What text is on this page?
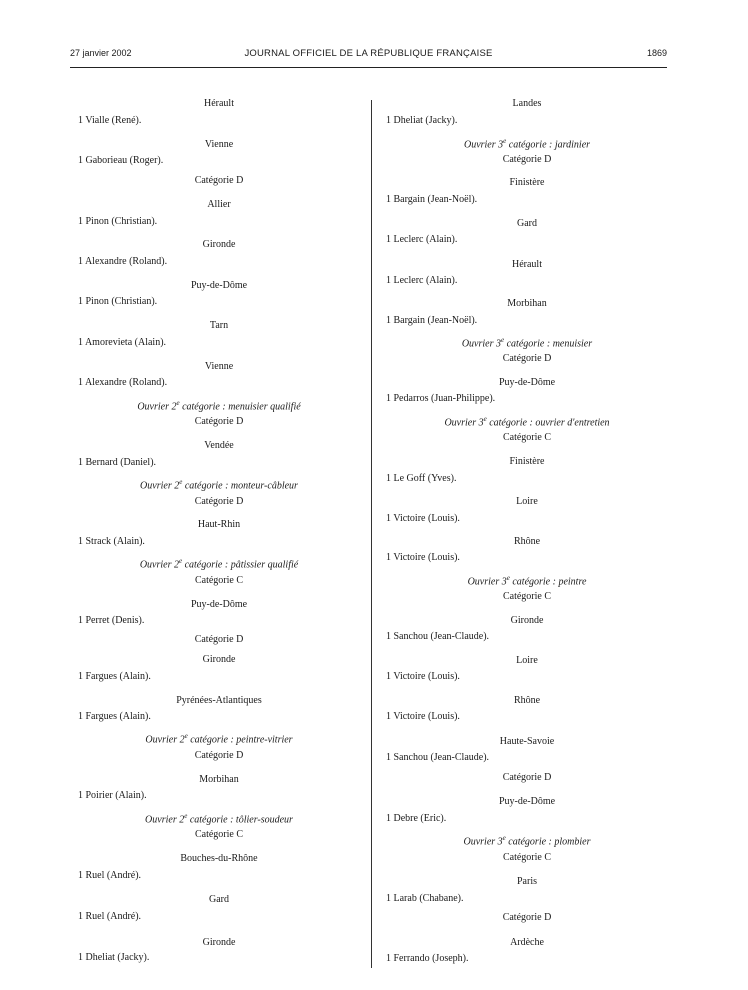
27 janvier 2002	JOURNAL OFFICIEL DE LA RÉPUBLIQUE FRANÇAISE	1869
Hérault
1 Vialle (René).
Vienne
1 Gaborieau (Roger).
Catégorie D
Allier
1 Pinon (Christian).
Gironde
1 Alexandre (Roland).
Puy-de-Dôme
1 Pinon (Christian).
Tarn
1 Amorevieta (Alain).
Vienne
1 Alexandre (Roland).
Ouvrier 2e catégorie : menuisier qualifié
Catégorie D
Vendée
1 Bernard (Daniel).
Ouvrier 2e catégorie : monteur-câbleur
Catégorie D
Haut-Rhin
1 Strack (Alain).
Ouvrier 2e catégorie : pâtissier qualifié
Catégorie C
Puy-de-Dôme
1 Perret (Denis).
Catégorie D
Gironde
1 Fargues (Alain).
Pyrénées-Atlantiques
1 Fargues (Alain).
Ouvrier 2e catégorie : peintre-vitrier
Catégorie D
Morbihan
1 Poirier (Alain).
Ouvrier 2e catégorie : tôlier-soudeur
Catégorie C
Bouches-du-Rhône
1 Ruel (André).
Gard
1 Ruel (André).
Gironde
1 Dheliat (Jacky).
Landes
1 Dheliat (Jacky).
Ouvrier 3e catégorie : jardinier
Catégorie D
Finistère
1 Bargain (Jean-Noël).
Gard
1 Leclerc (Alain).
Hérault
1 Leclerc (Alain).
Morbihan
1 Bargain (Jean-Noël).
Ouvrier 3e catégorie : menuisier
Catégorie D
Puy-de-Dôme
1 Pedarros (Juan-Philippe).
Ouvrier 3e catégorie : ouvrier d'entretien
Catégorie C
Finistère
1 Le Goff (Yves).
Loire
1 Victoire (Louis).
Rhône
1 Victoire (Louis).
Ouvrier 3e catégorie : peintre
Catégorie C
Gironde
1 Sanchou (Jean-Claude).
Loire
1 Victoire (Louis).
Rhône
1 Victoire (Louis).
Haute-Savoie
1 Sanchou (Jean-Claude).
Catégorie D
Puy-de-Dôme
1 Debre (Eric).
Ouvrier 3e catégorie : plombier
Catégorie C
Paris
1 Larab (Chabane).
Catégorie D
Ardèche
1 Ferrando (Joseph).
